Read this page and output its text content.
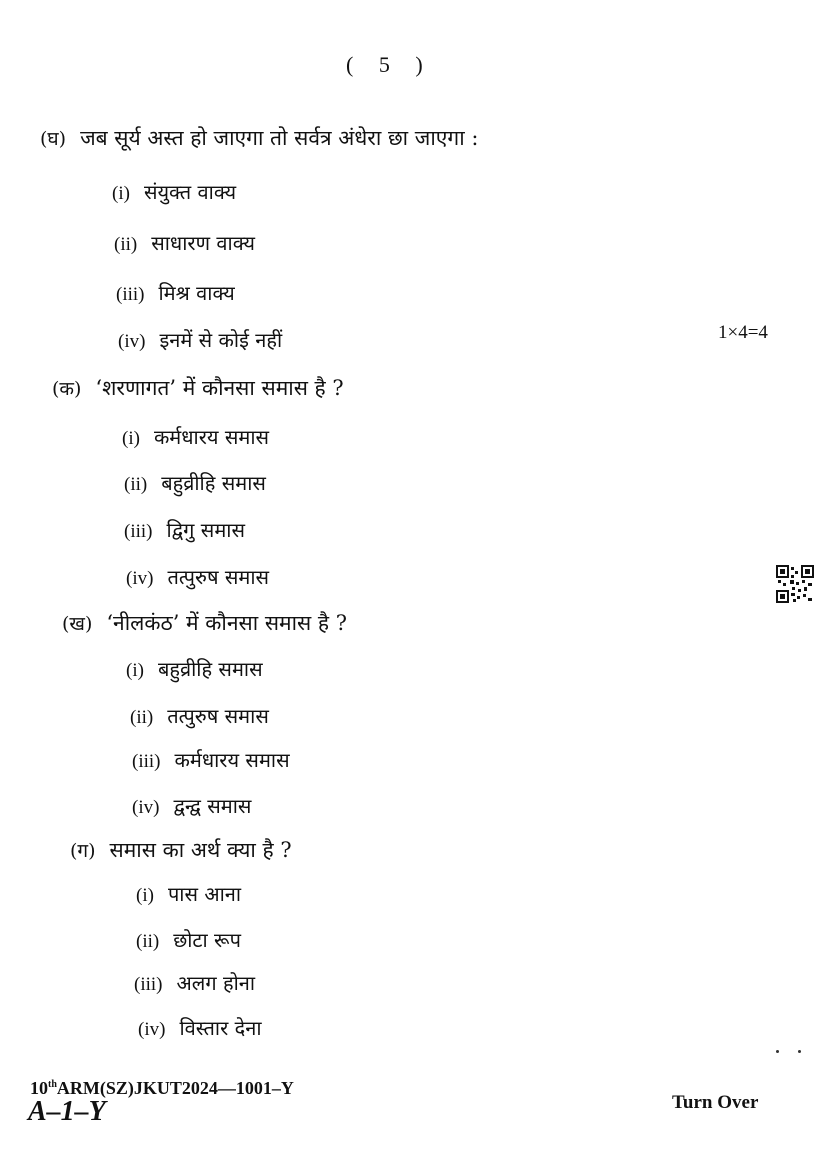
( 5 )
(घ) जब सूर्य अस्त हो जाएगा तो सर्वत्र अंधेरा छा जाएगा :
(i) संयुक्त वाक्य
(ii) साधारण वाक्य
(iii) मिश्र वाक्य
(iv) इनमें से कोई नहीं	1×4=4
(क) ‘शरणागत’ में कौनसा समास है ?
(i) कर्मधारय समास
(ii) बहुव्रीहि समास
(iii) द्विगु समास
(iv) तत्पुरुष समास
(ख) ‘नीलकंठ’ में कौनसा समास है ?
(i) बहुव्रीहि समास
(ii) तत्पुरुष समास
(iii) कर्मधारय समास
(iv) द्वन्द्व समास
(ग) समास का अर्थ क्या है ?
(i) पास आना
(ii) छोटा रूप
(iii) अलग होना
(iv) विस्तार देना
10thARM(SZ)JKUT2024—1001–Y
A–1–Y	Turn Over
